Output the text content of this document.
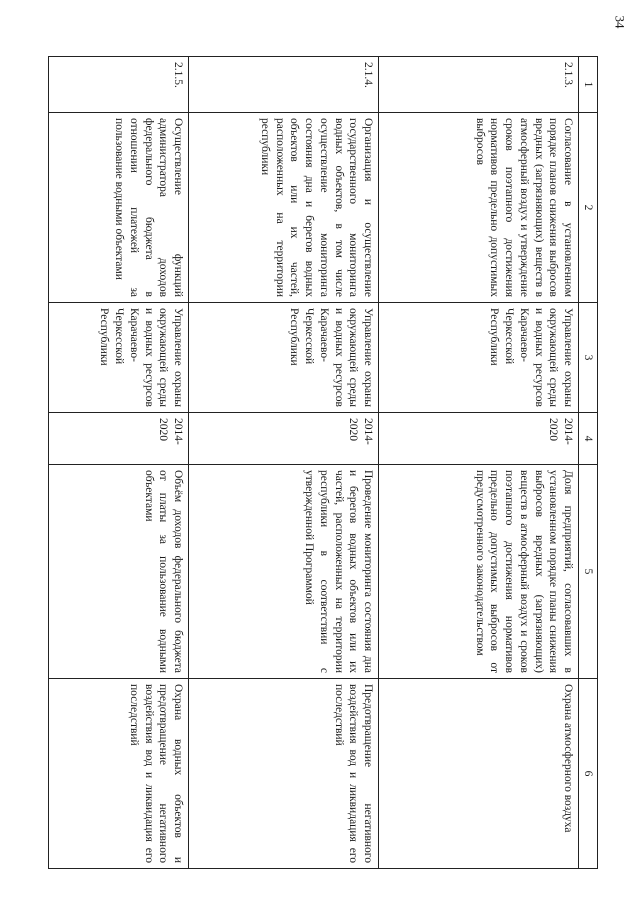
34
1	2	3	4	5	6
2.1.3.	Согласование в установленном порядке планов снижения выбросов вредных (загрязняющих) веществ в атмосферный воздух и утверждение сроков поэтапного достижения нормативов предельно допустимых выбросов	Управление охраны окружающей среды и водных ресурсов Карачаево-Черкесской Республики	2014-2020	Доля предприятий, согласовавших в установленном порядке планы снижения выбросов вредных (загрязняющих) веществ в атмосферный воздух и сроков поэтапного достижения нормативов предельно допустимых выбросов от предусмотренного законодательством	Охрана атмосферного воздуха
2.1.4.	Организация и осуществление государственного мониторинга водных объектов, в том числе осуществление мониторинга состояния дна и берегов водных объектов или их частей, расположенных на территории республики	Управление охраны окружающей среды и водных ресурсов Карачаево-Черкесской Республики	2014-2020	Проведение мониторинга состояния дна и берегов водных объектов или их частей, расположенных на территории республики в соответствии с утвержденной Программой	Предотвращение негативного воздействия вод и ликвидация его последствий
2.1.5.	Осуществление функций администратора доходов федерального бюджета в отношении платежей за пользование водными объектами	Управление охраны окружающей среды и водных ресурсов Карачаево-Черкесской Республики	2014-2020	Объём доходов федерального бюджета от платы за пользование водными объектами	Охрана водных объектов и предотвращение негативного воздействия вод и ликвидация его последствий
